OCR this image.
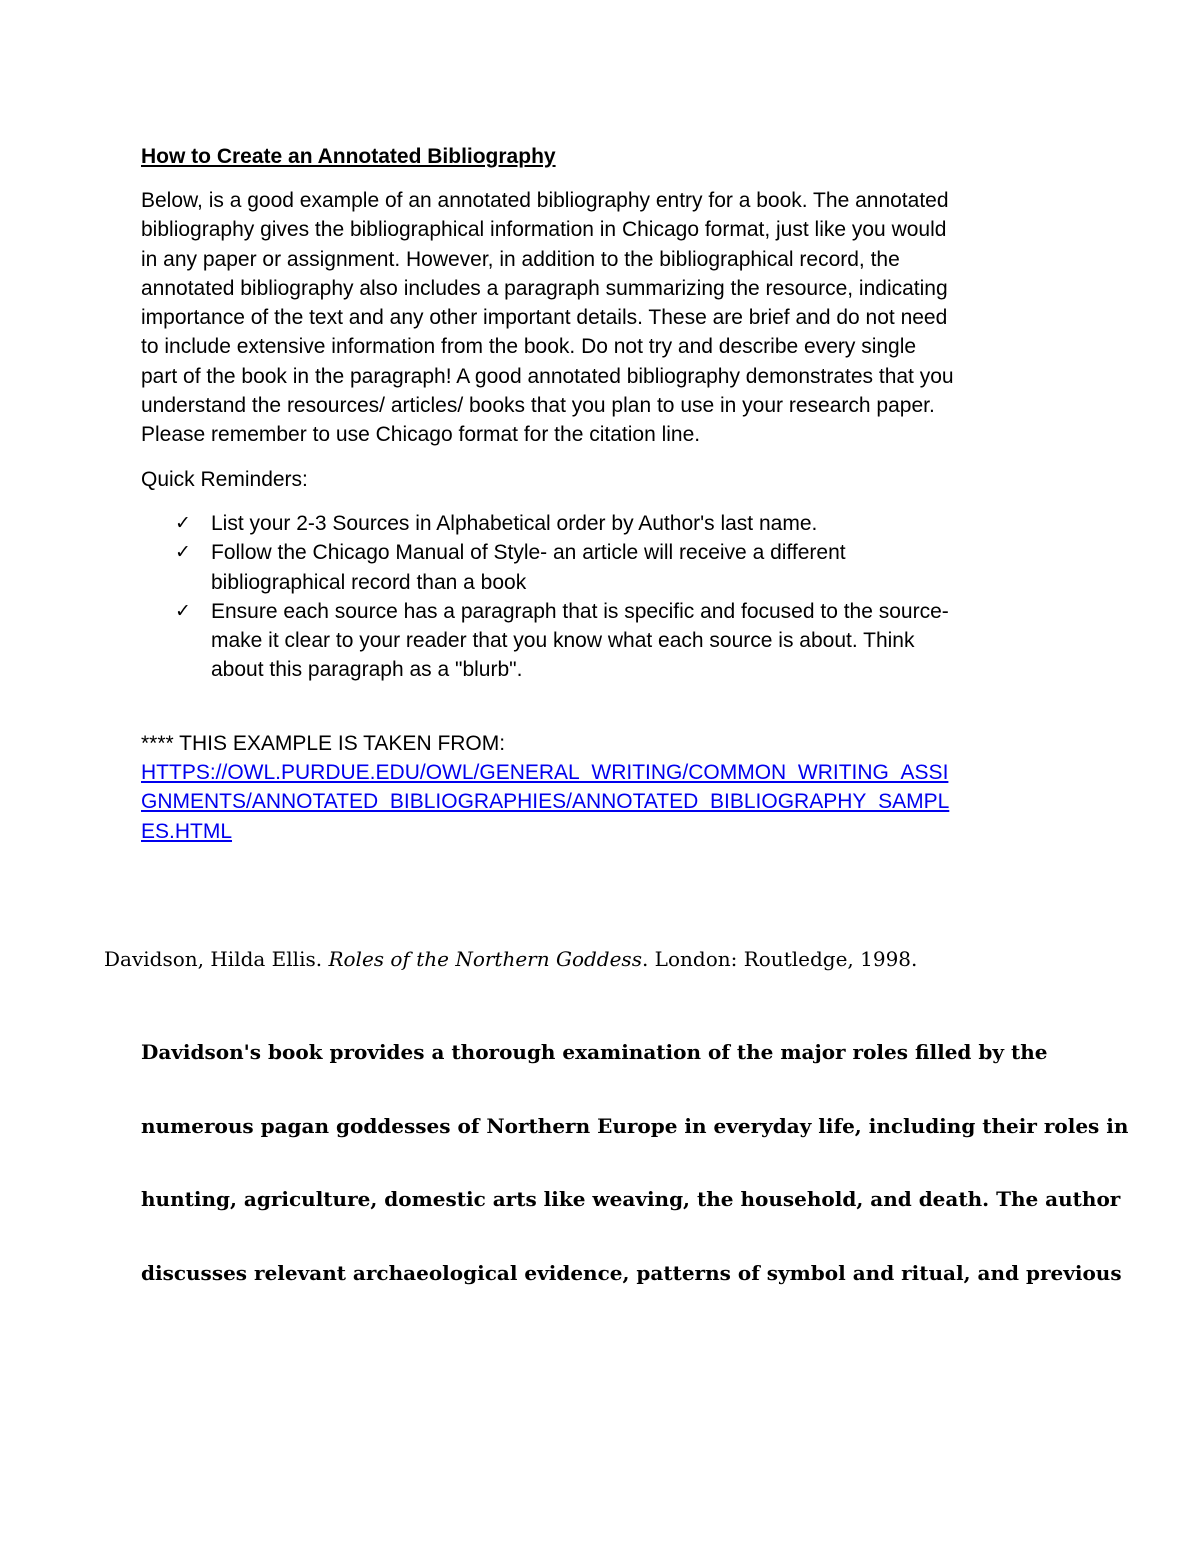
How to Create an Annotated Bibliography

Below, is a good example of an annotated bibliography entry for a book. The annotated
bibliography gives the bibliographical information in Chicago format, just like you would
in any paper or assignment. However, in addition to the bibliographical record, the
annotated bibliography also includes a paragraph summarizing the resource, indicating
importance of the text and any other important details. These are brief and do not need
to include extensive information from the book. Do not try and describe every single
part of the book in the paragraph! A good annotated bibliography demonstrates that you
understand the resources/ articles/ books that you plan to use in your research paper.
Please remember to use Chicago format for the citation line.

Quick Reminders:

✓ List your 2-3 Sources in Alphabetical order by Author's last name.
✓ Follow the Chicago Manual of Style- an article will receive a different
bibliographical record than a book
✓ Ensure each source has a paragraph that is specific and focused to the source-
make it clear to your reader that you know what each source is about. Think
about this paragraph as a "blurb".

**** THIS EXAMPLE IS TAKEN FROM:

HTTPS://OWL.PURDUE.EDU/OWL/GENERAL_WRITING/COMMON_WRITING_ASSI
GNMENTS/ANNOTATED_BIBLIOGRAPHIES/ANNOTATED_BIBLIOGRAPHY_SAMPL
ES.HTML

Davidson, Hilda Ellis. Roles of the Northern Goddess. London: Routledge, 1998.

Davidson's book provides a thorough examination of the major roles filled by the
numerous pagan goddesses of Northern Europe in everyday life, including their roles in
hunting, agriculture, domestic arts like weaving, the household, and death. The author
discusses relevant archaeological evidence, patterns of symbol and ritual, and previous
